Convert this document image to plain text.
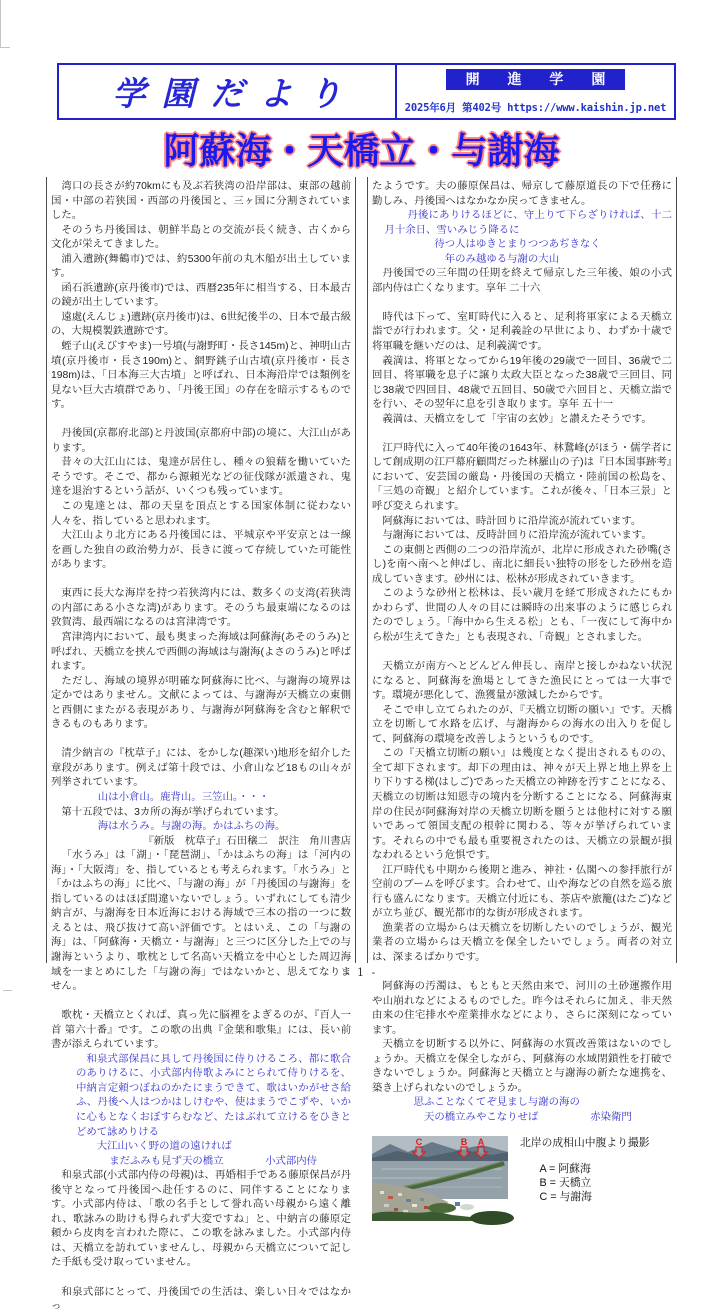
学園だより	開 進 学 園
2025年6月 第402号 https://www.kaishin.jp.net
阿蘇海・天橋立・与謝海
湾口の長さが約70kmにも及ぶ若狭湾の沿岸部は、東部の越前国・中部の若狭国・西部の丹後国と、三ヶ国に分割されていました。
そのうち丹後国は、朝鮮半島との交流が長く続き、古くから文化が栄えてきました。
浦入遺跡(舞鶴市)では、約5300年前の丸木船が出土しています。
函石浜遺跡(京丹後市)では、西暦235年に相当する、日本最古の鏡が出土しています。
遠處(えんじょ)遺跡(京丹後市)は、6世紀後半の、日本で最古級の、大規模製鉄遺跡です。
蛭子山(えびすやま)一号墳(与謝野町・長さ145m)と、神明山古墳(京丹後市・長さ190m)と、網野銚子山古墳(京丹後市・長さ198m)は、「日本海三大古墳」と呼ばれ、日本海沿岸では類例を見ない巨大古墳群であり、「丹後王国」の存在を暗示するものです。
丹後国(京都府北部)と丹波国(京都府中部)の境に、大江山があります。
昔々の大江山には、鬼達が居住し、種々の狼藉を働いていたそうです。そこで、都から源頼光などの征伐隊が派遣され、鬼達を退治するという話が、いくつも残っています。
この鬼達とは、都の天皇を頂点とする国家体制に従わない人々を、指していると思われます。
大江山より北方にある丹後国には、平城京や平安京とは一線を画した独自の政治勢力が、長きに渡って存続していた可能性があります。
東西に長大な海岸を持つ若狭湾内には、数多くの支湾(若狭湾の内部にある小さな湾)があります。そのうち最東端になるのは敦賀湾、最西端になるのは宮津湾です。
宮津湾内において、最も奥まった海域は阿蘇海(あそのうみ)と呼ばれ、天橋立を挟んで西側の海域は与謝海(よさのうみ)と呼ばれます。
ただし、海域の境界が明確な阿蘇海に比べ、与謝海の境界は定かではありません。文献によっては、与謝海が天橋立の東側と西側にまたがる表現があり、与謝海が阿蘇海を含むと解釈できるものもあります。
清少納言の『枕草子』には、をかしな(趣深い)地形を紹介した章段があります。例えば第十段では、小倉山など18もの山々が列挙されています。
山は小倉山。鹿背山。三笠山。・・・
第十五段では、3カ所の海が挙げられています。
海は水うみ。与謝の海。かはふちの海。
『新版　枕草子』石田穣二　訳注　角川書店
「水うみ」は「湖」・「琵琶湖」、「かはふちの海」は「河内の海」・「大阪湾」を、指しているとも考えられます。「水うみ」と「かはふちの海」に比べ、「与謝の海」が「丹後国の与謝海」を指しているのはほぼ間違いないでしょう。いずれにしても清少納言が、与謝海を日本近海における海域で三本の指の一つに数えるとは、飛び抜けて高い評価です。とはいえ、この「与謝の海」は、「阿蘇海・天橋立・与謝海」と三つに区分した上での与謝海というより、歌枕として名高い天橋立を中心とした周辺海域を一まとめにした「与謝の海」ではないかと、思えてなりません。
歌枕・天橋立とくれば、真っ先に脳裡をよぎるのが、『百人一首 第六十番』です。この歌の出典『金葉和歌集』には、長い前書が添えられています。
和泉式部保昌に具して丹後国に侍りけるころ、都に歌合のありけるに、小式部内侍歌よみにとられて侍りけるを、中納言定頼つぼねのかたにまうできて、歌はいかがせさ給ふ、丹後へ人はつかはしけむや、使はまうでこずや、いかに心もとなくおぼすらむなど、たはぶれて立けるをひきとどめて詠めりける
大江山いく野の道の遠ければ
まだふみも見ず天の橋立　　　　小式部内侍
和泉式部(小式部内侍の母親)は、再婚相手である藤原保昌が丹後守となって丹後国へ赴任するのに、同伴することになります。小式部内侍は、「歌の名手として誉れ高い母親から遠く離れ、歌詠みの助けも得られず大変ですね」と、中納言の藤原定頼から皮肉を言われた際に、この歌を詠みました。小式部内侍は、天橋立を訪れていませんし、母親から天橋立について記した手紙も受け取っていません。
和泉式部にとって、丹後国での生活は、楽しい日々ではなかっ
たようです。夫の藤原保昌は、帰京して藤原道長の下で任務に勤しみ、丹後国へはなかなか戻ってきません。
丹後にありけるほどに、守上りて下らざりければ、十二月十余日、雪いみじう降るに
待つ人はゆきとまりつつあぢきなく
年のみ越ゆる与謝の大山
丹後国での三年間の任期を終えて帰京した三年後、娘の小式部内侍は亡くなります。享年 二十六
時代は下って、室町時代に入ると、足利将軍家による天橋立詣でが行われます。父・足利義詮の早世により、わずか十歳で将軍職を継いだのは、足利義満です。
義満は、将軍となってから19年後の29歳で一回目、36歳で二回目、将軍職を息子に譲り太政大臣となった38歳で三回目、同じ38歳で四回目、48歳で五回目、50歳で六回目と、天橋立詣でを行い、その翌年に息を引き取ります。享年 五十一
義満は、天橋立をして「宇宙の玄妙」と讃えたそうです。
江戸時代に入って40年後の1643年、林鵞峰(がほう・儒学者にして創成期の江戸幕府顧問だった林羅山の子)は『日本国事跡考』において、安芸国の厳島・丹後国の天橋立・陸前国の松島を、「三処の奇観」と紹介しています。これが後々、「日本三景」と呼び変えられます。
阿蘇海においては、時計回りに沿岸流が流れています。
与謝海においては、反時計回りに沿岸流が流れています。
この東側と西側の二つの沿岸流が、北岸に形成された砂嘴(さし)を南へ南へと伸ばし、南北に細長い独特の形をした砂州を造成していきます。砂州には、松林が形成されていきます。
このような砂州と松林は、長い歳月を経て形成されたにもかかわらず、世間の人々の目には瞬時の出来事のように感じられたのでしょう。「海中から生える松」とも、「一夜にして海中から松が生えてきた」とも表現され、「奇観」とされました。
天橋立が南方へとどんどん伸長し、南岸と接しかねない状況になると、阿蘇海を漁場としてきた漁民にとっては一大事です。環境が悪化して、漁獲量が激減したからです。
そこで申し立てられたのが、『天橋立切断の願い』です。天橋立を切断して水路を広げ、与謝海からの海水の出入りを促して、阿蘇海の環境を改善しようというものです。
この『天橋立切断の願い』は幾度となく提出されるものの、全て却下されます。却下の理由は、神々が天上界と地上界を上り下りする梯(はしご)であった天橋立の神跡を汚すことになる、天橋立の切断は知恩寺の境内を分断することになる、阿蘇海東岸の住民が阿蘇海対岸の天橋立切断を願うとは他村に対する願いであって領国支配の根幹に関わる、等々が挙げられています。それらの中でも最も重要視されたのは、天橋立の景観が損なわれるという危惧です。
江戸時代も中期から後期と進み、神社・仏閣への参拝旅行が空前のブームを呼びます。合わせて、山や海などの自然を巡る旅行も盛んになります。天橋立付近にも、茶店や旅籠(はたご)などが立ち並び、観光都市的な街が形成されます。
漁業者の立場からは天橋立を切断したいのでしょうが、観光業者の立場からは天橋立を保全したいでしょう。両者の対立は、深まるばかりです。
阿蘇海の汚濁は、もともと天然由来で、河川の土砂運搬作用や山崩れなどによるものでした。昨今はそれらに加え、非天然由来の住宅排水や産業排水などにより、さらに深刻になっています。
天橋立を切断する以外に、阿蘇海の水質改善策はないのでしょうか。天橋立を保全しながら、阿蘇海の水域閉鎖性を打破できないでしょうか。阿蘇海と天橋立と与謝海の新たな連携を、築き上げられないのでしょうか。
思ふことなくてぞ見まし与謝の海の
天の橋立みやこなりせば　　　　　赤染衛門
C	B A	北岸の成相山中腹より撮影
A = 阿蘇海
B = 天橋立
C = 与謝海
- 1 -
